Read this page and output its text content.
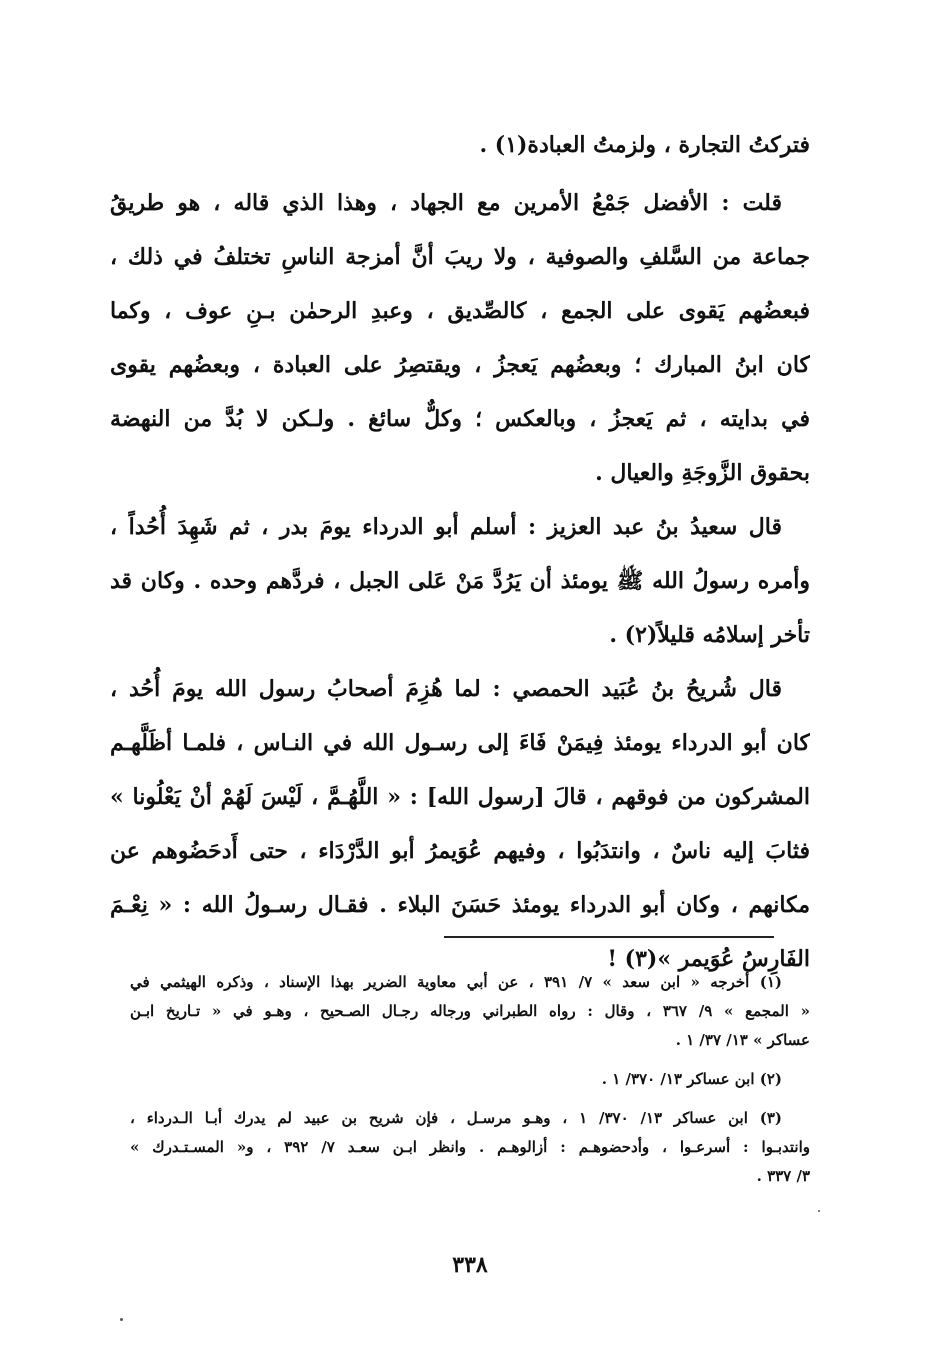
فتركتُ التجارة ، ولزمتُ العبادة(١) .

قلت : الأفضل جَمْعُ الأمرين مع الجهاد ، وهذا الذي قاله ، هو طريقُ
جماعة من السَّلفِ والصوفية ، ولا ريبَ أنَّ أمزجة الناسِ تختلفُ في ذلك ،
فبعضُهم يَقوى على الجمع ، كالصِّديق ، وعبدِ الرحمٰن بـنِ عوف ، وكما
كان ابنُ المبارك ؛ وبعضُهم يَعجزُ ، ويقتصِرُ على العبادة ، وبعضُهم يقوى
في بدايته ، ثم يَعجزُ ، وبالعكس ؛ وكلٌّ سائغ . ولـكن لا بُدَّ من النهضة
بحقوق الزَّوجَةِ والعيال .

قال سعيدُ بنُ عبد العزيز : أسلم أبو الدرداء يومَ بدر ، ثم شَهِدَ أُحُداً ،
وأمره رسولُ الله ﷺ يومئذ أن يَرُدَّ مَنْ عَلى الجبل ، فردَّهم وحده . وكان قد
تأخر إسلامُه قليلاً(٢) .

قال شُريحُ بنُ عُبَيد الحمصي : لما هُزِمَ أصحابُ رسول الله يومَ أُحُد ،
كان أبو الدرداء يومئذ فِيمَنْ فَاءَ إلى رسـول الله في النـاس ، فلمـا أظَلَّهـم
المشركون من فوقهم ، قالَ [رسول الله] : « اللَّهُـمَّ ، لَيْسَ لَهُمْ أنْ يَعْلُونا »
فثابَ إليه ناسٌ ، وانتدَبُوا ، وفيهم عُوَيمرُ أبو الدَّرْدَاء ، حتى أَدحَضُوهم عن
مكانهم ، وكان أبو الدرداء يومئذ حَسَنَ البلاء . فقـال رسـولُ الله : « نِعْـمَ
الفَارِسُ عُوَيمر »(٣) !

(١) أخرجه « ابن سعد » ٧/ ٣٩١ ، عن أبي معاوية الضرير بهذا الإسناد ، وذكره الهيثمي في
« المجمع » ٩/ ٣٦٧ ، وقال : رواه الطبراني ورجاله رجـال الصـحيح ، وهـو في « تـاريخ ابـن
عساكر » ١٣/ ٣٧/ ١ .
(٢) ابن عساكر ١٣/ ٣٧٠/ ١ .
(٣) ابن عساكر ١٣/ ٣٧٠/ ١ ، وهـو مرسـل ، فإن شريح بن عبيد لم يدرك أبـا الـدرداء ،
وانتدبـوا : أسرعـوا ، وأدحضوهـم : أزالوهـم . وانظر ابـن سعـد ٧/ ٣٩٢ ، و« المسـتـدرك »
٣/ ٣٣٧ .
٣٣٨
